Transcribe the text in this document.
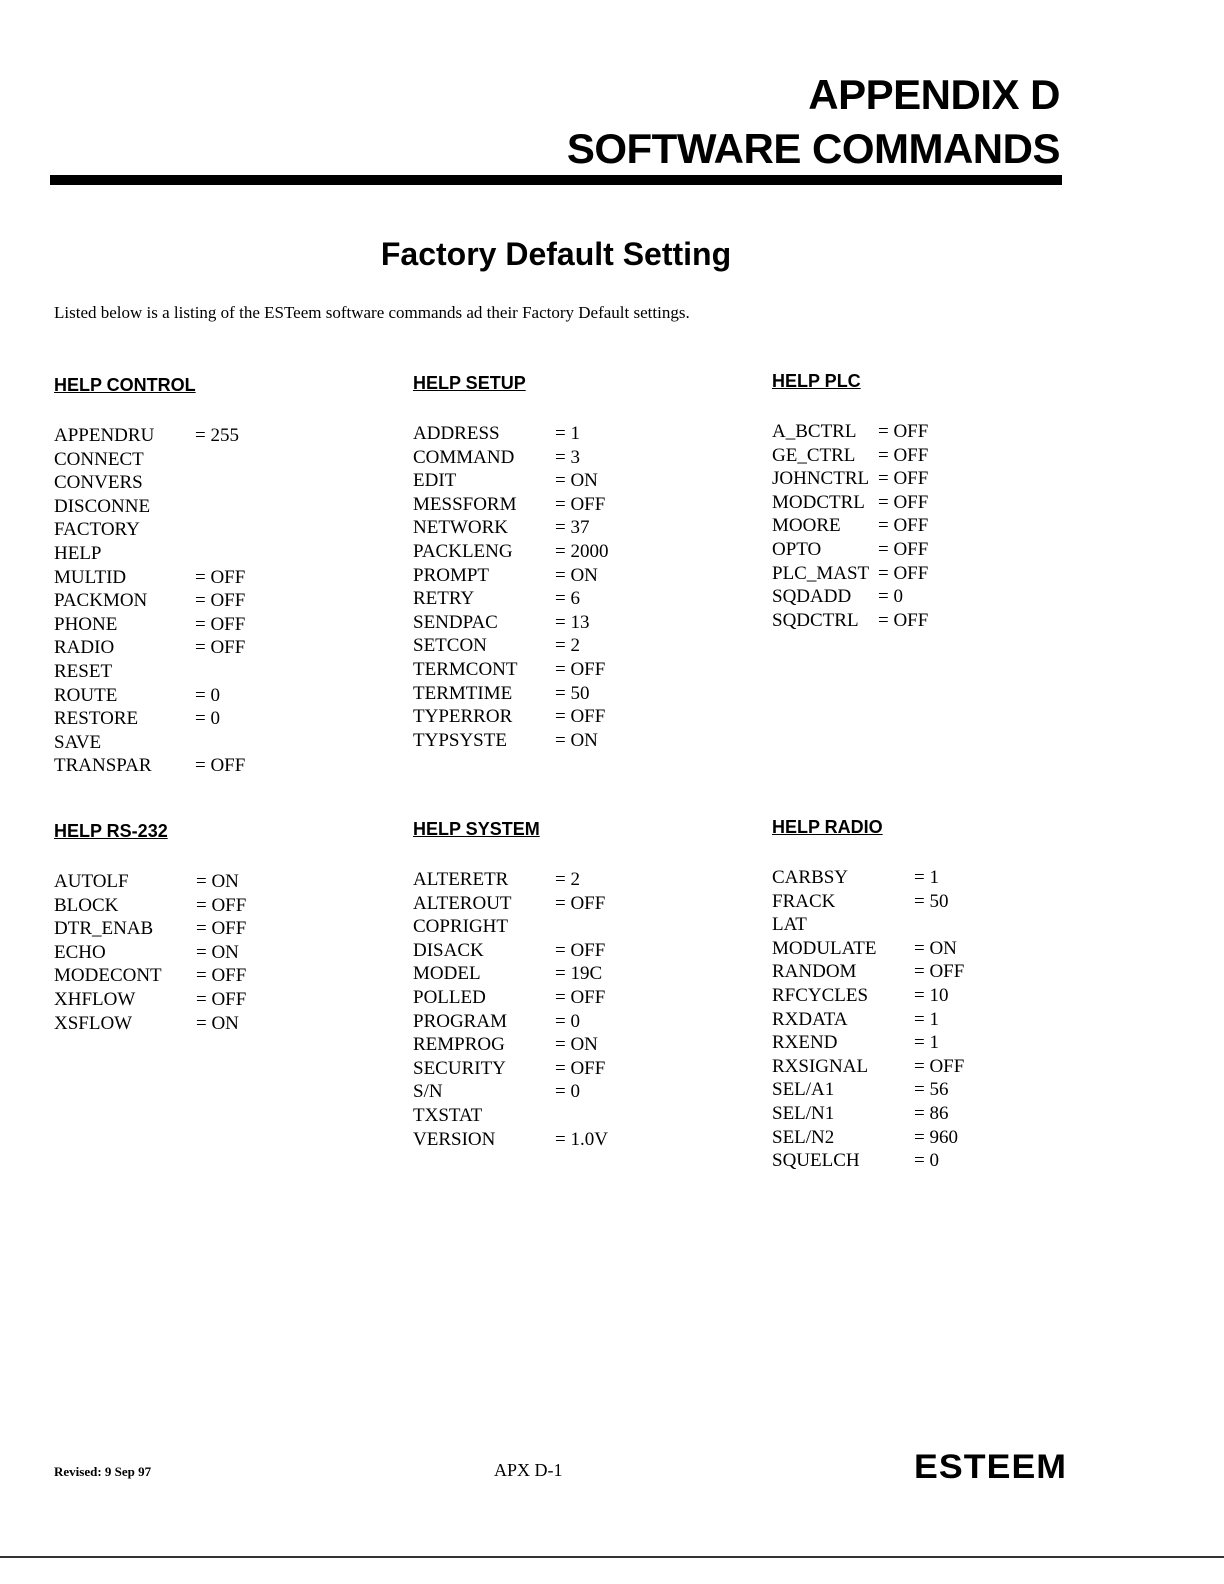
APPENDIX D
SOFTWARE COMMANDS
Factory Default Setting
Listed below is a listing of the ESTeem software commands ad their Factory Default settings.
HELP CONTROL
APPENDRU = 255
CONNECT
CONVERS
DISCONNE
FACTORY
HELP
MULTID	= OFF
PACKMON	= OFF
PHONE	= OFF
RADIO	= OFF
RESET
ROUTE	= 0
RESTORE	= 0
SAVE
TRANSPAR = OFF
HELP SETUP
ADDRESS	= 1
COMMAND = 3
EDIT	= ON
MESSFORM = OFF
NETWORK = 37
PACKLENG = 2000
PROMPT	= ON
RETRY	= 6
SENDPAC	= 13
SETCON	= 2
TERMCONT = OFF
TERMTIME = 50
TYPERROR = OFF
TYPSYSTE	= ON
HELP PLC
A_BCTRL = OFF
GE_CTRL = OFF
JOHNCTRL = OFF
MODCTRL = OFF
MOORE = OFF
OPTO	= OFF
PLC_MAST = OFF
SQDADD = 0
SQDCTRL = OFF
HELP RS-232
AUTOLF	= ON
BLOCK	= OFF
DTR_ENAB = OFF
ECHO	= ON
MODECONT = OFF
XHFLOW	= OFF
XSFLOW	= ON
HELP SYSTEM
ALTERETR = 2
ALTEROUT = OFF
COPRIGHT
DISACK	= OFF
MODEL	= 19C
POLLED	= OFF
PROGRAM	= 0
REMPROG	= ON
SECURITY	= OFF
S/N	= 0
TXSTAT
VERSION	= 1.0V
HELP RADIO
CARBSY	= 1
FRACK	= 50
LAT
MODULATE = ON
RANDOM	= OFF
RFCYCLES = 10
RXDATA	= 1
RXEND	= 1
RXSIGNAL = OFF
SEL/A1	= 56
SEL/N1	= 86
SEL/N2	= 960
SQUELCH	= 0
Revised: 9 Sep 97	APX D-1	ESTEEM
